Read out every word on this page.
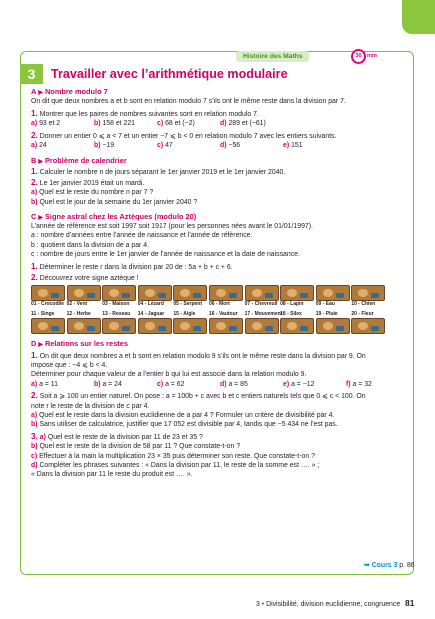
Histoire des Maths	30 min
3	Travailler avec l’arithmétique modulaire
A ▶ Nombre modulo 7

On dit que deux nombres a et b sont en relation modulo 7 s’ils ont le même reste dans la division par 7.

1. Montrer que les paires de nombres suivantes sont en relation modulo 7.

a) 93 et 2	b) 158 et 221	c) 68 et (−2)	d) 289 et (−61)

2. Donner un entier 0 ⩽ a < 7 et un entier −7 ⩽ b < 0 en relation modulo 7 avec les entiers suivants.

a) 24	b) −19	c) 47	d) −56	e) 151
B ▶ Problème de calendrier

1. Calculer le nombre n de jours séparant le 1er janvier 2019 et le 1er janvier 2040.

2. Le 1er janvier 2019 était un mardi.

a) Quel est le reste du nombre n par 7 ?

b) Quel est le jour de la semaine du 1er janvier 2040 ?

C ▶ Signe astral chez les Aztèques (modulo 20)

L’année de référence est soit 1997 soit 1917 (pour les personnes nées avant le 01/01/1997).

a : nombre d’années entre l’année de naissance et l’année de référence.

b : quotient dans la division de a par 4.

c : nombre de jours entre le 1er janvier de l’année de naissance et la date de naissance.

1. Déterminer le reste r dans la division par 20 de : 5a + b + c + 6.

2. Découvrez votre signe aztèque !

01 - Crocodile 02 - Vent	03 - Maison	04 - Lézard	05 - Serpent	06 - Mort	07 - Chevreuil 08 - Lapin	09 - Eau	10 - Chien
11 - Singe	12 - Herbe	13 - Roseau	14 - Jaguar	15 - Aigle	16 - Vautour	17 - Mouvement
18 - Silex	19 - Pluie	20 - Fleur
D ▶ Relations sur les restes

1. On dit que deux nombres a et b sont en relation modulo 9 s’ils ont le même reste dans la division par 9. On

impose que : −4 ⩽ b < 4.

Déterminer pour chaque valeur de a l’entier b qui lui est associé dans la relation modulo 9.

a) a = 11	b) a = 24	c) a = 62	d) a = 85	e) a = −12	f) a = 32

2. Soit a ⩾ 100 un entier naturel. On pose : a = 100b + c avec b et c entiers naturels tels que 0 ⩽ c < 100. On

note r le reste de la division de c par 4.

a) Quel est le reste dans la division euclidienne de a par 4 ? Formuler un critère de divisibilité par 4.

b) Sans utiliser de calculatrice, justifier que 17 052 est divisible par 4, tandis que −5 434 ne l’est pas.

3. a) Quel est le reste de la division par 11 de 23 et 35 ?

b) Quel est le reste de la division de 58 par 11 ? Que constate-t-on ?

c) Effectuer à la main la multiplication 23 × 35 puis déterminer son reste. Que constate-t-on ?

d) Compléter les phrases suivantes : « Dans la division par 11, le reste de la somme est …. » ;

« Dans la division par 11 le reste du produit est …. ».

➥ Cours 3 p. 86
3 • Divisibilité, division euclidienne, congruence 81
